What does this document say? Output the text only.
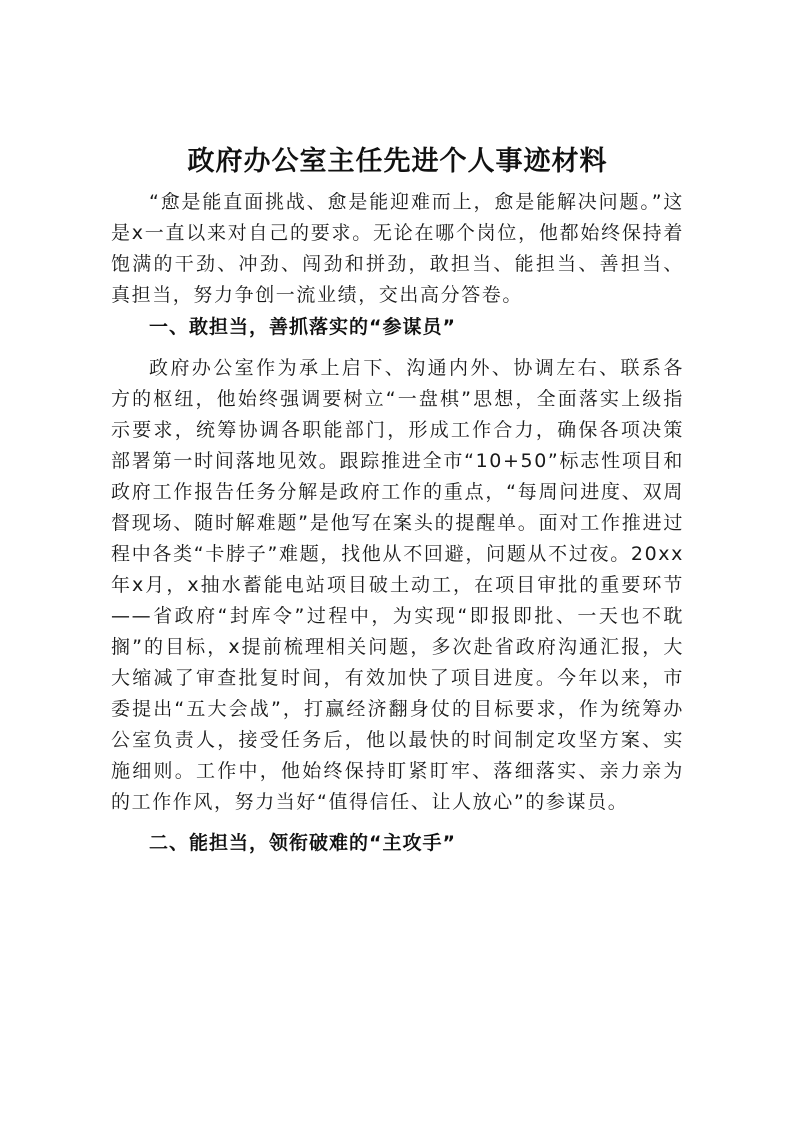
政府办公室主任先进个人事迹材料

“愈是能直面挑战、愈是能迎难而上，愈是能解决问题。”这是x一直以来对自己的要求。无论在哪个岗位，他都始终保持着饱满的干劲、冲劲、闯劲和拼劲，敢担当、能担当、善担当、真担当，努力争创一流业绩，交出高分答卷。

一、敢担当，善抓落实的“参谋员”

政府办公室作为承上启下、沟通内外、协调左右、联系各方的枢纽，他始终强调要树立“一盘棋”思想，全面落实上级指示要求，统筹协调各职能部门，形成工作合力，确保各项决策部署第一时间落地见效。跟踪推进全市“10+50”标志性项目和政府工作报告任务分解是政府工作的重点，“每周问进度、双周督现场、随时解难题”是他写在案头的提醒单。面对工作推进过程中各类“卡脖子”难题，找他从不回避，问题从不过夜。20xx年x月，x抽水蓄能电站项目破土动工，在项目审批的重要环节——省政府“封库令”过程中，为实现“即报即批、一天也不耽搁”的目标，x提前梳理相关问题，多次赴省政府沟通汇报，大大缩减了审查批复时间，有效加快了项目进度。今年以来，市委提出“五大会战”，打赢经济翻身仗的目标要求，作为统筹办公室负责人，接受任务后，他以最快的时间制定攻坚方案、实施细则。工作中，他始终保持盯紧盯牢、落细落实、亲力亲为的工作作风，努力当好“值得信任、让人放心”的参谋员。

二、能担当，领衔破难的“主攻手”
